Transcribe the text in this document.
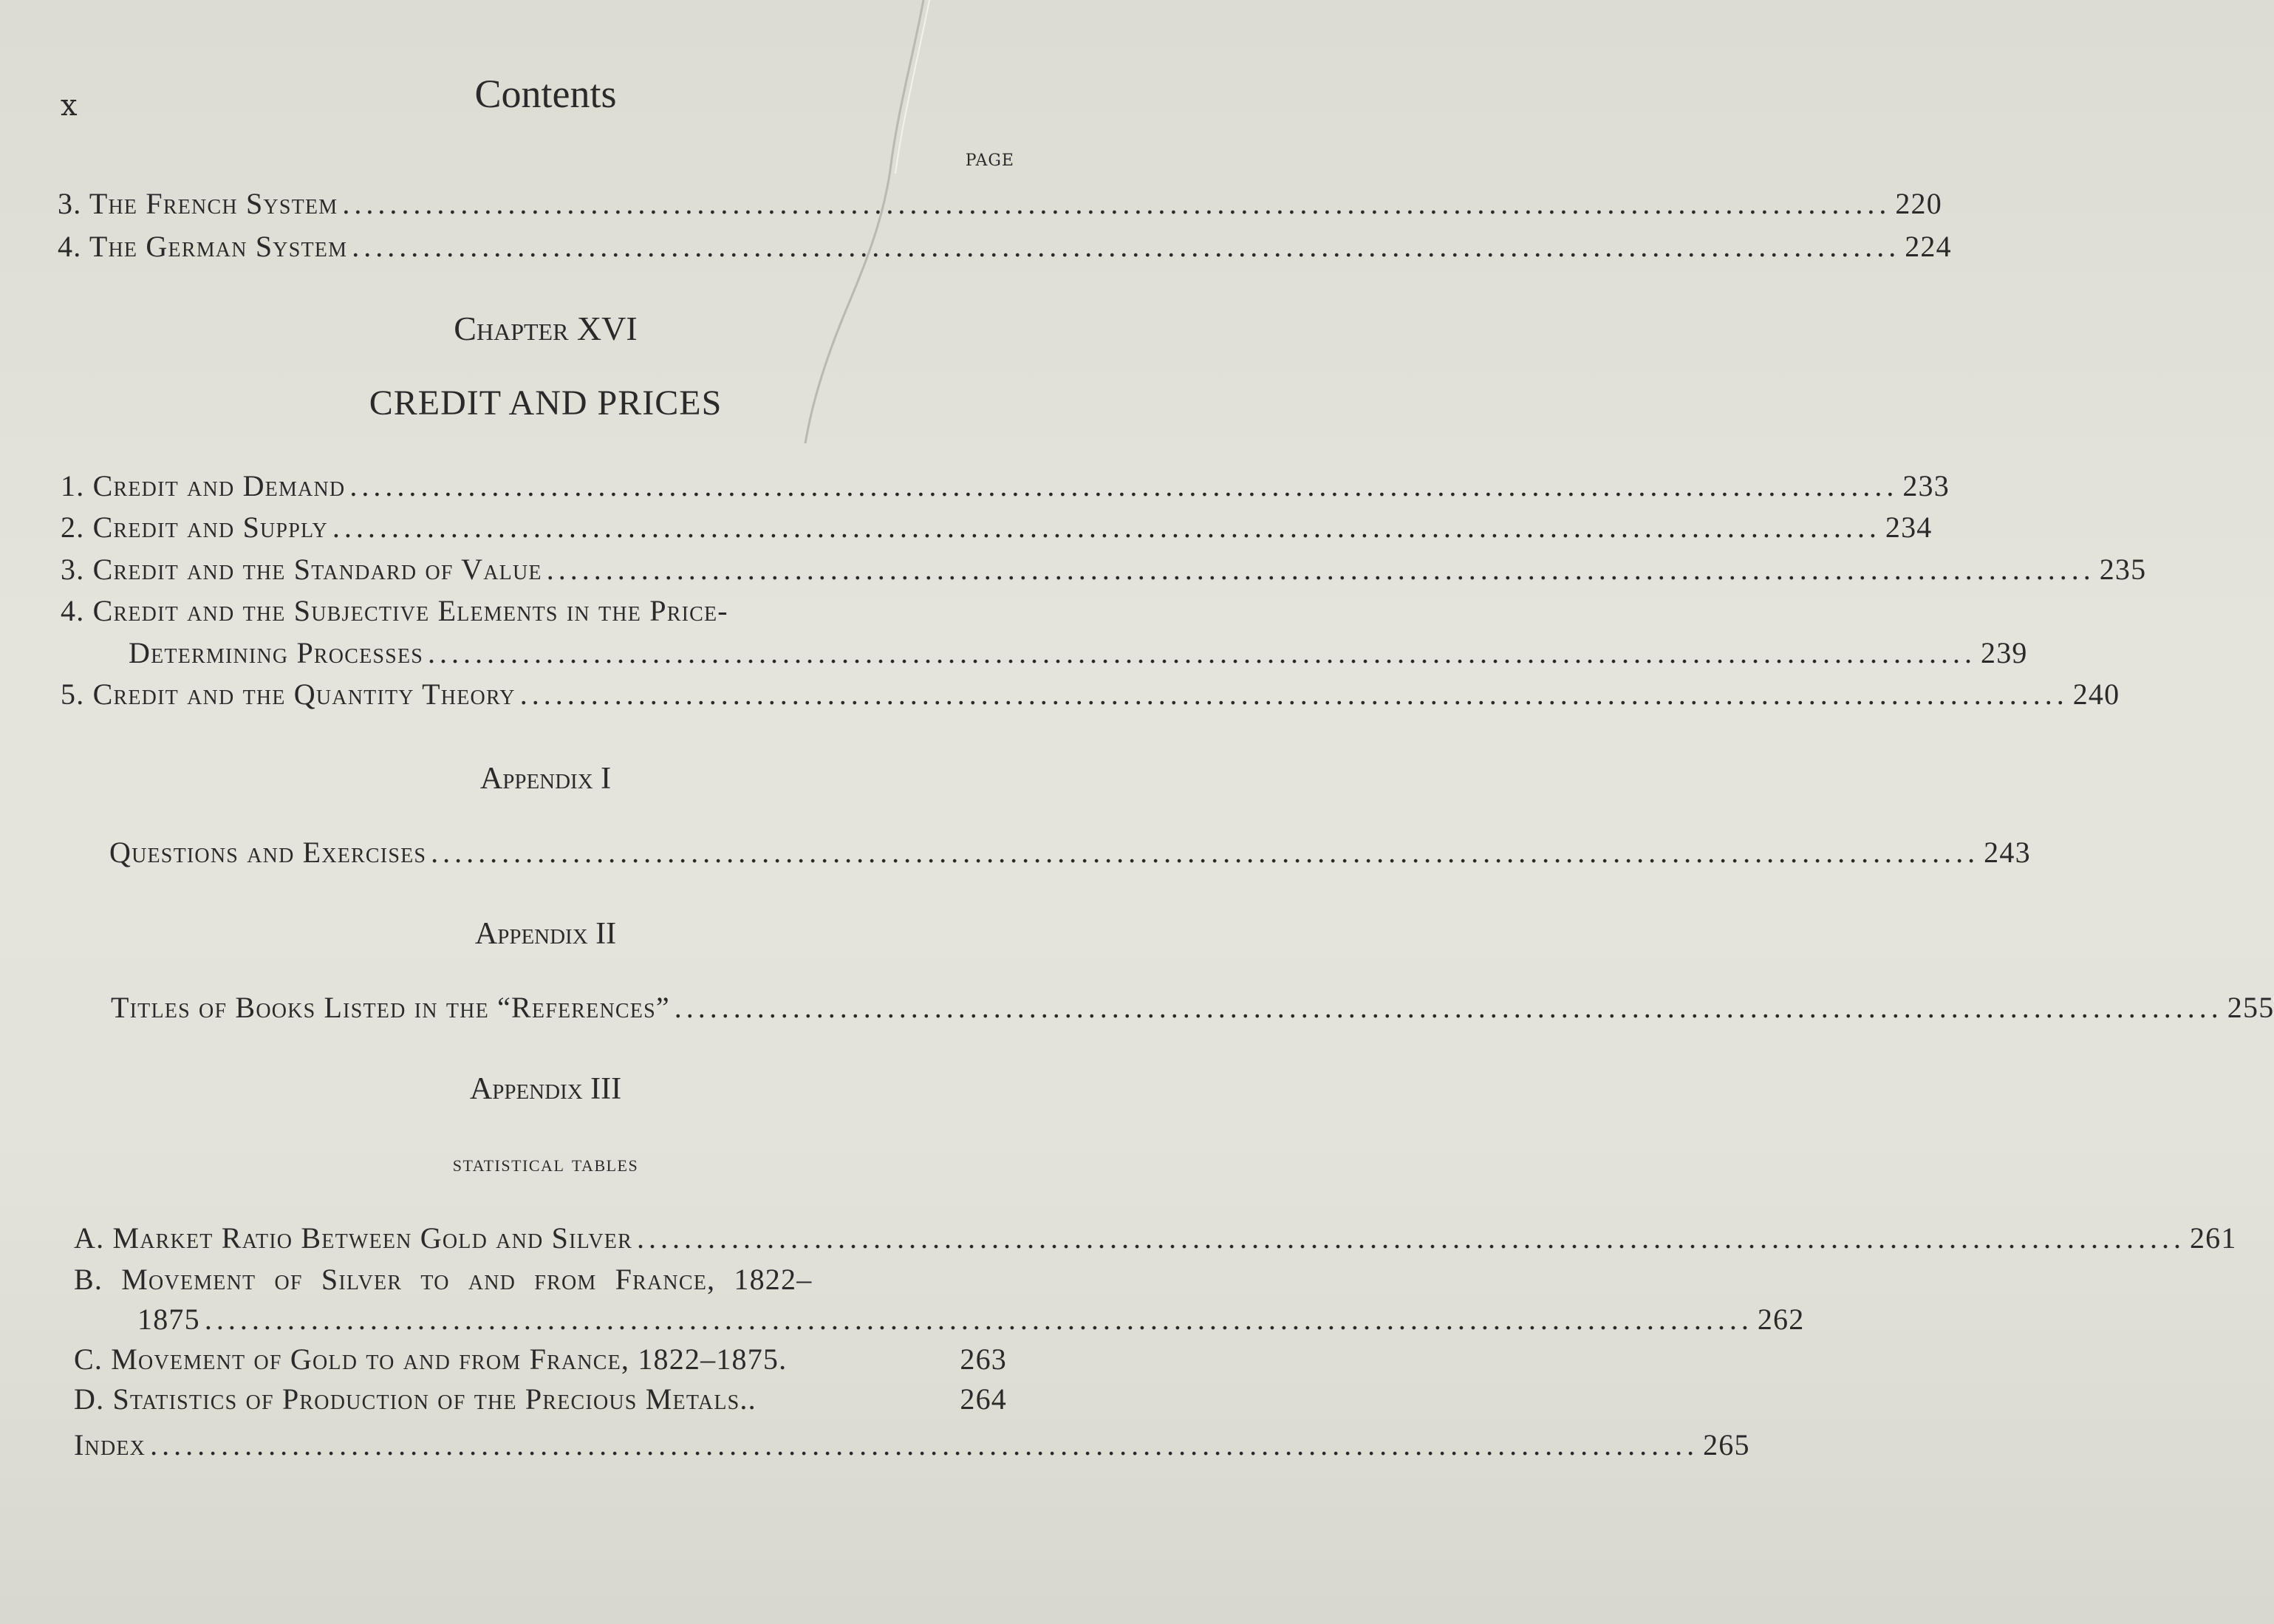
x	Contents
page
3. The French System ................................................................................................................................... 220
4. The German System ................................................................................................................................... 224
Chapter XVI
CREDIT AND PRICES
1. Credit and Demand ................................................................................................................................... 233
2. Credit and Supply ................................................................................................................................... 234
3. Credit and the Standard of Value ................................................................................................................................... 235
4. Credit and the Subjective Elements in the Price-
Determining Processes ................................................................................................................................... 239
5. Credit and the Quantity Theory ................................................................................................................................... 240
Appendix I
Questions and Exercises ................................................................................................................................... 243
Appendix II
Titles of Books Listed in the “References” ................................................................................................................................... 255
Appendix III
statistical tables
A. Market Ratio Between Gold and Silver ................................................................................................................................... 261
B. Movement of Silver to and from France, 1822–
1875 ................................................................................................................................... 262
C. Movement of Gold to and from France, 1822–1875.	263
D. Statistics of Production of the Precious Metals..	264
Index ................................................................................................................................... 265
